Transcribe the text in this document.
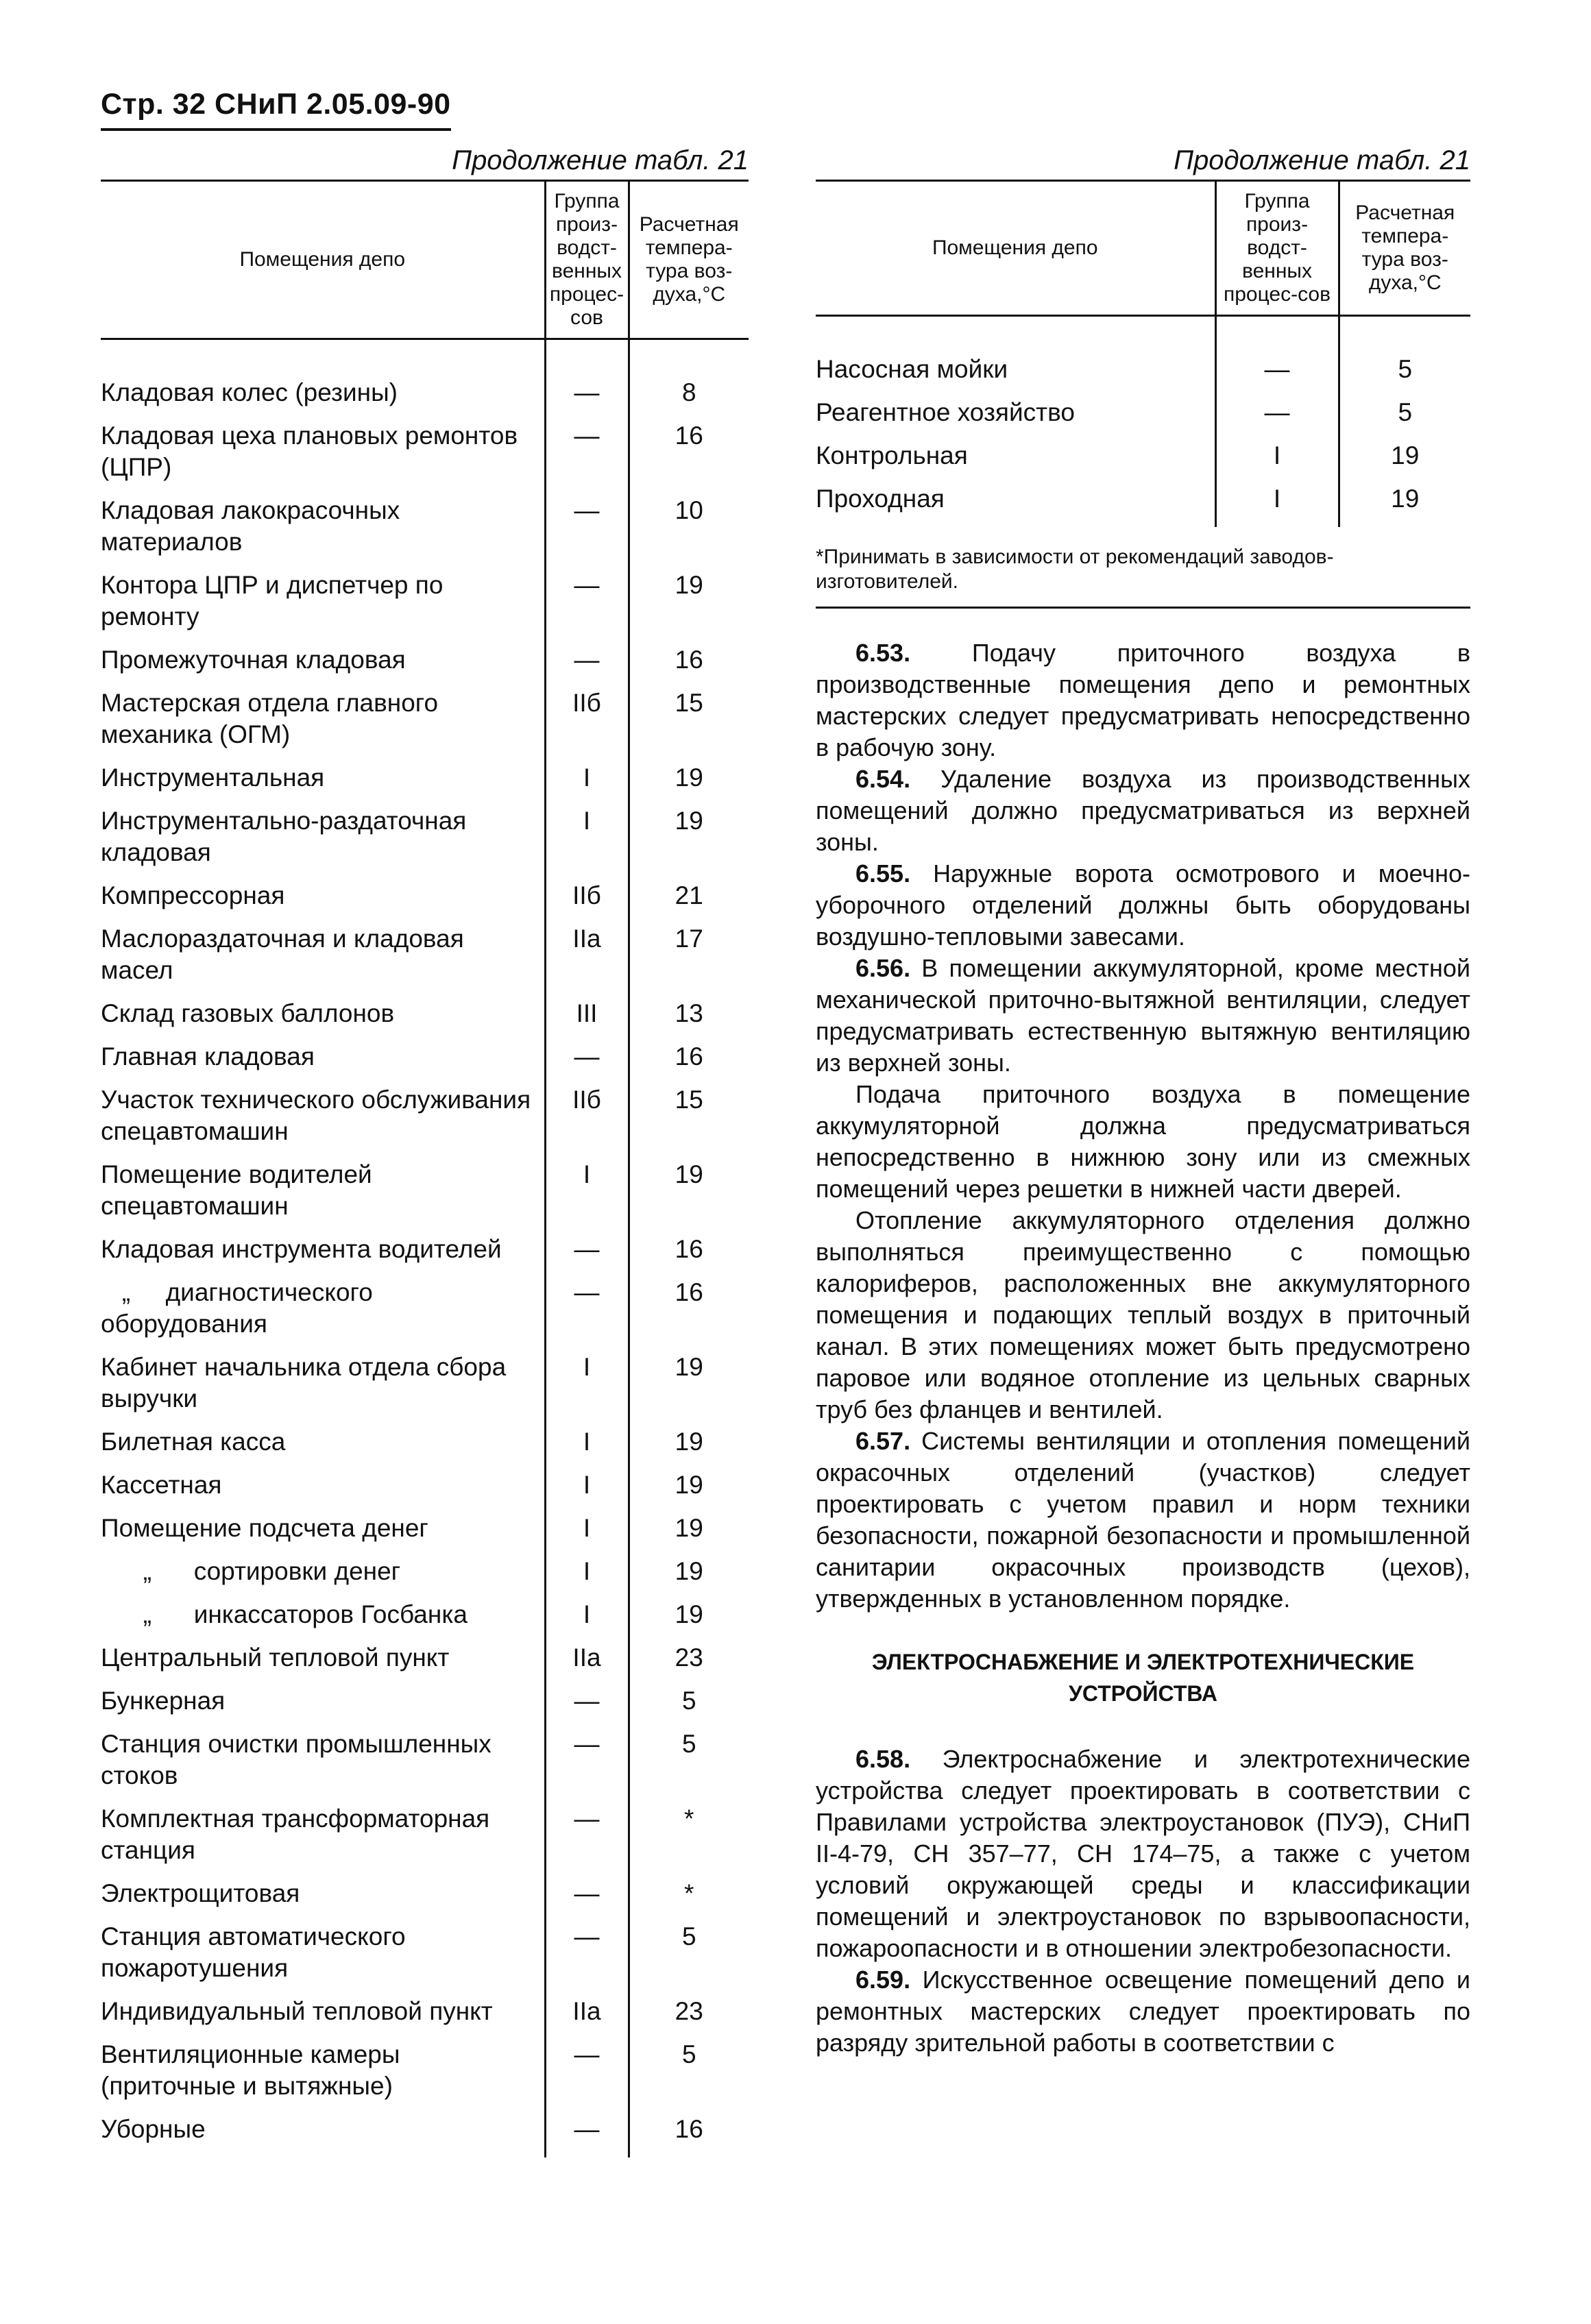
Стр. 32 СНиП 2.05.09-90
Продолжение табл. 21
Помещения депо	Группа произ-водст-венных процес-сов	Расчетная темпера-тура воз-духа,°С
Кладовая колес (резины)	—	8
Кладовая цеха плановых ремонтов (ЦПР)	—	16
Кладовая лакокрасочных материалов	—	10
Контора ЦПР и диспетчер по ремонту	—	19
Промежуточная кладовая	—	16
Мастерская отдела главного механика (ОГМ)	IIб	15
Инструментальная	I	19
Инструментально-раздаточная кладовая	I	19
Компрессорная	IIб	21
Маслораздаточная и кладовая масел	IIа	17
Склад газовых баллонов	III	13
Главная кладовая	—	16
Участок технического обслуживания спецавтомашин	IIб	15
Помещение водителей спецавтомашин	I	19
Кладовая инструмента водителей	—	16
„     диагностического оборудования	—	16
Кабинет начальника отдела сбора выручки	I	19
Билетная касса	I	19
Кассетная	I	19
Помещение подсчета денег	I	19
„      сортировки денег	I	19
„      инкассаторов Госбанка	I	19
Центральный тепловой пункт	IIа	23
Бункерная	—	5
Станция очистки промышленных стоков	—	5
Комплектная трансформаторная станция	—	*
Электрощитовая	—	*
Станция автоматического пожаротушения	—	5
Индивидуальный тепловой пункт	IIа	23
Вентиляционные камеры (приточные и вытяжные)	—	5
Уборные	—	16
Продолжение табл. 21
Помещения депо	Группа произ-водст-венных процес-сов	Расчетная темпера-тура воз-духа,°С
Насосная мойки	—	5
Реагентное хозяйство	—	5
Контрольная	I	19
Проходная	I	19
*Принимать в зависимости от рекомендаций заводов-изготовителей.

6.53. Подачу приточного воздуха в производственные помещения депо и ремонтных мастерских следует предусматривать непосредственно в рабочую зону.

6.54. Удаление воздуха из производственных помещений должно предусматриваться из верхней зоны.

6.55. Наружные ворота осмотрового и моечно-уборочного отделений должны быть оборудованы воздушно-тепловыми завесами.

6.56. В помещении аккумуляторной, кроме местной механической приточно-вытяжной вентиляции, следует предусматривать естественную вытяжную вентиляцию из верхней зоны.

Подача приточного воздуха в помещение аккумуляторной должна предусматриваться непосредственно в нижнюю зону или из смежных помещений через решетки в нижней части дверей.

Отопление аккумуляторного отделения должно выполняться преимущественно с помощью калориферов, расположенных вне аккумуляторного помещения и подающих теплый воздух в приточный канал. В этих помещениях может быть предусмотрено паровое или водяное отопление из цельных сварных труб без фланцев и вентилей.

6.57. Системы вентиляции и отопления помещений окрасочных отделений (участков) следует проектировать с учетом правил и норм техники безопасности, пожарной безопасности и промышленной санитарии окрасочных производств (цехов), утвержденных в установленном порядке.

ЭЛЕКТРОСНАБЖЕНИЕ И ЭЛЕКТРОТЕХНИЧЕСКИЕ УСТРОЙСТВА

6.58. Электроснабжение и электротехнические устройства следует проектировать в соответствии с Правилами устройства электроустановок (ПУЭ), СНиП II-4-79, СН 357–77, СН 174–75, а также с учетом условий окружающей среды и классификации помещений и электроустановок по взрывоопасности, пожароопасности и в отношении электробезопасности.

6.59. Искусственное освещение помещений депо и ремонтных мастерских следует проектировать по разряду зрительной работы в соответствии с
